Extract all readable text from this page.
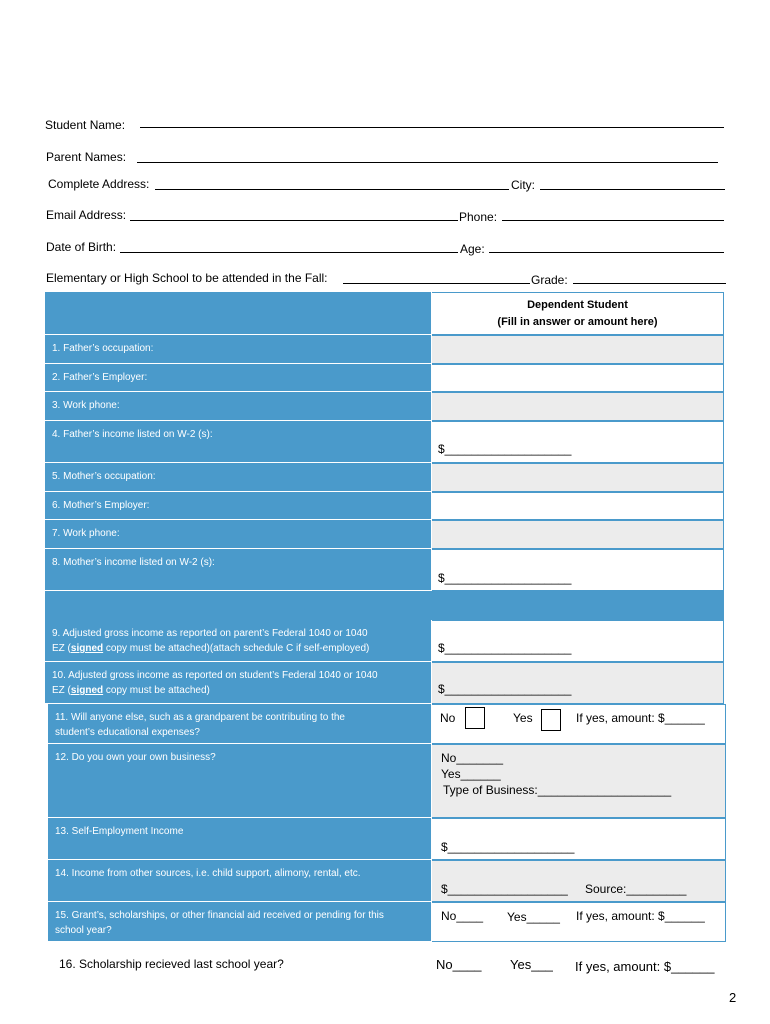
Student Name:
Parent Names:
Complete Address:	City:
Email Address:	Phone:
Date of Birth:	Age:
Elementary or High School to be attended in the Fall:	Grade:
Dependent Student
(Fill in answer or amount here)
1. Father’s occupation:
2. Father’s Employer:
3. Work phone:
4. Father’s income listed on W-2 (s):
$___________________
5. Mother’s occupation:
6. Mother’s Employer:
7. Work phone:
8. Mother’s income listed on W-2 (s):
$___________________
9. Adjusted gross income as reported on parent’s Federal 1040 or 1040
EZ (signed copy must be attached)(attach schedule C if self-employed)	$___________________
10. Adjusted gross income as reported on student’s Federal 1040 or 1040
EZ (signed copy must be attached)	$___________________
11. Will anyone else, such as a grandparent be contributing to the
student’s educational expenses?
No	Yes	If yes, amount: $______
12. Do you own your own business?	No_______
Yes______
Type of Business:____________________
13. Self-Employment Income
$___________________
14. Income from other sources, i.e. child support, alimony, rental, etc.
$__________________ Source:_________
15. Grant’s, scholarships, or other financial aid received or pending for this
school year?
No____ Yes_____ If yes, amount: $______
16. Scholarship recieved last school year?	No____ Yes___ If yes, amount: $______
2
